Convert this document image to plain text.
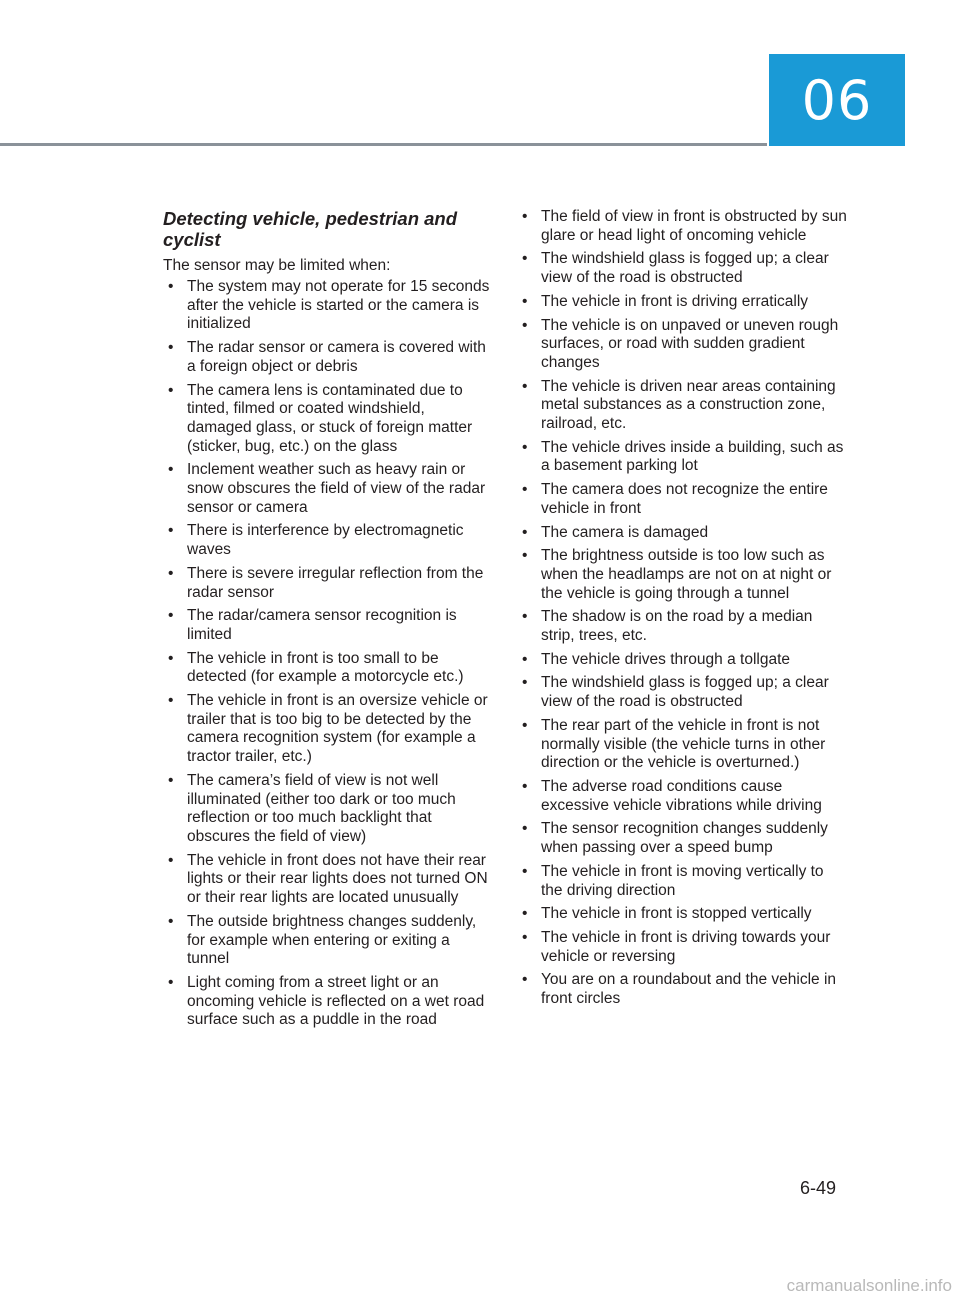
06
Detecting vehicle, pedestrian and cyclist
The sensor may be limited when:
• The system may not operate for 15 seconds after the vehicle is started or the camera is initialized
• The radar sensor or camera is covered with a foreign object or debris
• The camera lens is contaminated due to tinted, filmed or coated windshield, damaged glass, or stuck of foreign matter (sticker, bug, etc.) on the glass
• Inclement weather such as heavy rain or snow obscures the field of view of the radar sensor or camera
• There is interference by electromagnetic waves
• There is severe irregular reflection from the radar sensor
• The radar/camera sensor recognition is limited
• The vehicle in front is too small to be detected (for example a motorcycle etc.)
• The vehicle in front is an oversize vehicle or trailer that is too big to be detected by the camera recognition system (for example a tractor trailer, etc.)
• The camera’s field of view is not well illuminated (either too dark or too much reflection or too much backlight that obscures the field of view)
• The vehicle in front does not have their rear lights or their rear lights does not turned ON or their rear lights are located unusually
• The outside brightness changes suddenly, for example when entering or exiting a tunnel
• Light coming from a street light or an oncoming vehicle is reflected on a wet road surface such as a puddle in the road
• The field of view in front is obstructed by sun glare or head light of oncoming vehicle
• The windshield glass is fogged up; a clear view of the road is obstructed
• The vehicle in front is driving erratically
• The vehicle is on unpaved or uneven rough surfaces, or road with sudden gradient changes
• The vehicle is driven near areas containing metal substances as a construction zone, railroad, etc.
• The vehicle drives inside a building, such as a basement parking lot
• The camera does not recognize the entire vehicle in front
• The camera is damaged
• The brightness outside is too low such as when the headlamps are not on at night or the vehicle is going through a tunnel
• The shadow is on the road by a median strip, trees, etc.
• The vehicle drives through a tollgate
• The windshield glass is fogged up; a clear view of the road is obstructed
• The rear part of the vehicle in front is not normally visible (the vehicle turns in other direction or the vehicle is overturned.)
• The adverse road conditions cause excessive vehicle vibrations while driving
• The sensor recognition changes suddenly when passing over a speed bump
• The vehicle in front is moving vertically to the driving direction
• The vehicle in front is stopped vertically
• The vehicle in front is driving towards your vehicle or reversing
• You are on a roundabout and the vehicle in front circles
6-49
carmanualsonline.info
